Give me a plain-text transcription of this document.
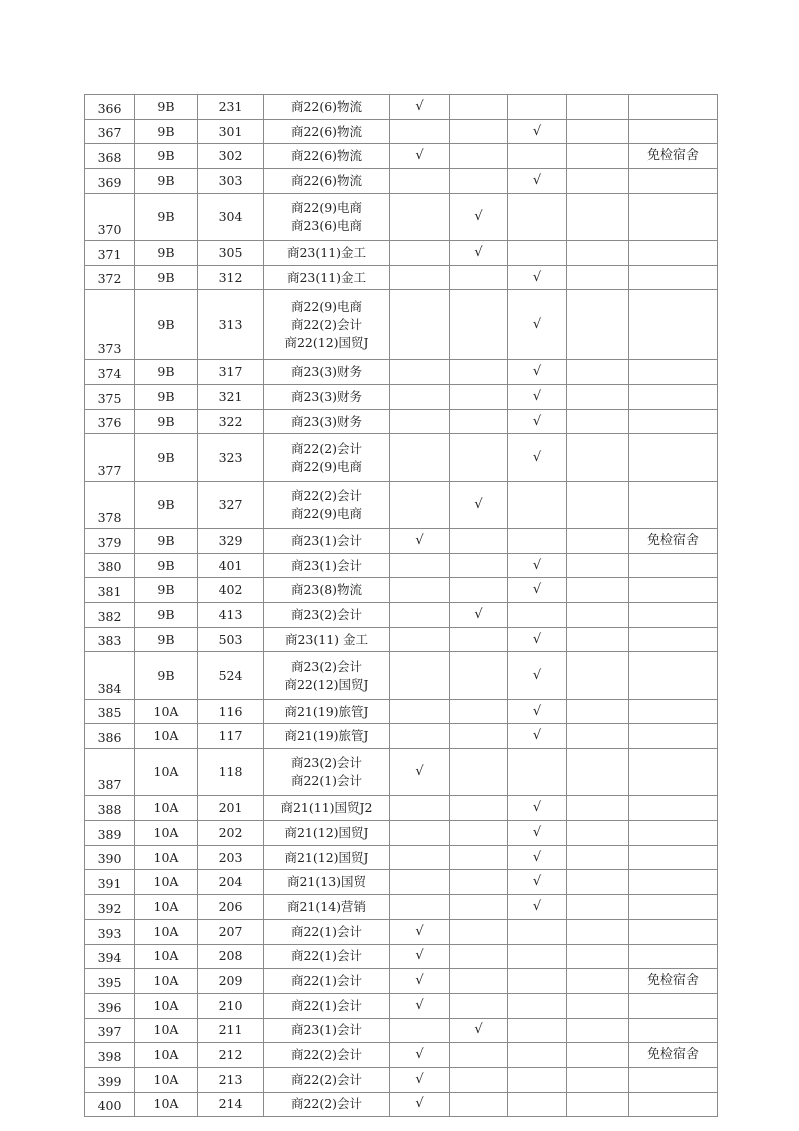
366	9B	231	商22(6)物流	√				
367	9B	301	商22(6)物流			√		
368	9B	302	商22(6)物流	√				免检宿舍
369	9B	303	商22(6)物流			√		
370	9B	304	商22(9)电商
商23(6)电商		√			
371	9B	305	商23(11)金工		√			
372	9B	312	商23(11)金工			√		
373	9B	313	商22(9)电商
商22(2)会计
商22(12)国贸J			√		
374	9B	317	商23(3)财务			√		
375	9B	321	商23(3)财务			√		
376	9B	322	商23(3)财务			√		
377	9B	323	商22(2)会计
商22(9)电商			√		
378	9B	327	商22(2)会计
商22(9)电商		√			
379	9B	329	商23(1)会计	√				免检宿舍
380	9B	401	商23(1)会计			√		
381	9B	402	商23(8)物流			√		
382	9B	413	商23(2)会计		√			
383	9B	503	商23(11) 金工			√		
384	9B	524	商23(2)会计
商22(12)国贸J			√		
385	10A	116	商21(19)旅管J			√		
386	10A	117	商21(19)旅管J			√		
387	10A	118	商23(2)会计
商22(1)会计	√				
388	10A	201	商21(11)国贸J2			√		
389	10A	202	商21(12)国贸J			√		
390	10A	203	商21(12)国贸J			√		
391	10A	204	商21(13)国贸			√		
392	10A	206	商21(14)营销			√		
393	10A	207	商22(1)会计	√				
394	10A	208	商22(1)会计	√				
395	10A	209	商22(1)会计	√				免检宿舍
396	10A	210	商22(1)会计	√				
397	10A	211	商23(1)会计		√			
398	10A	212	商22(2)会计	√				免检宿舍
399	10A	213	商22(2)会计	√				
400	10A	214	商22(2)会计	√				
